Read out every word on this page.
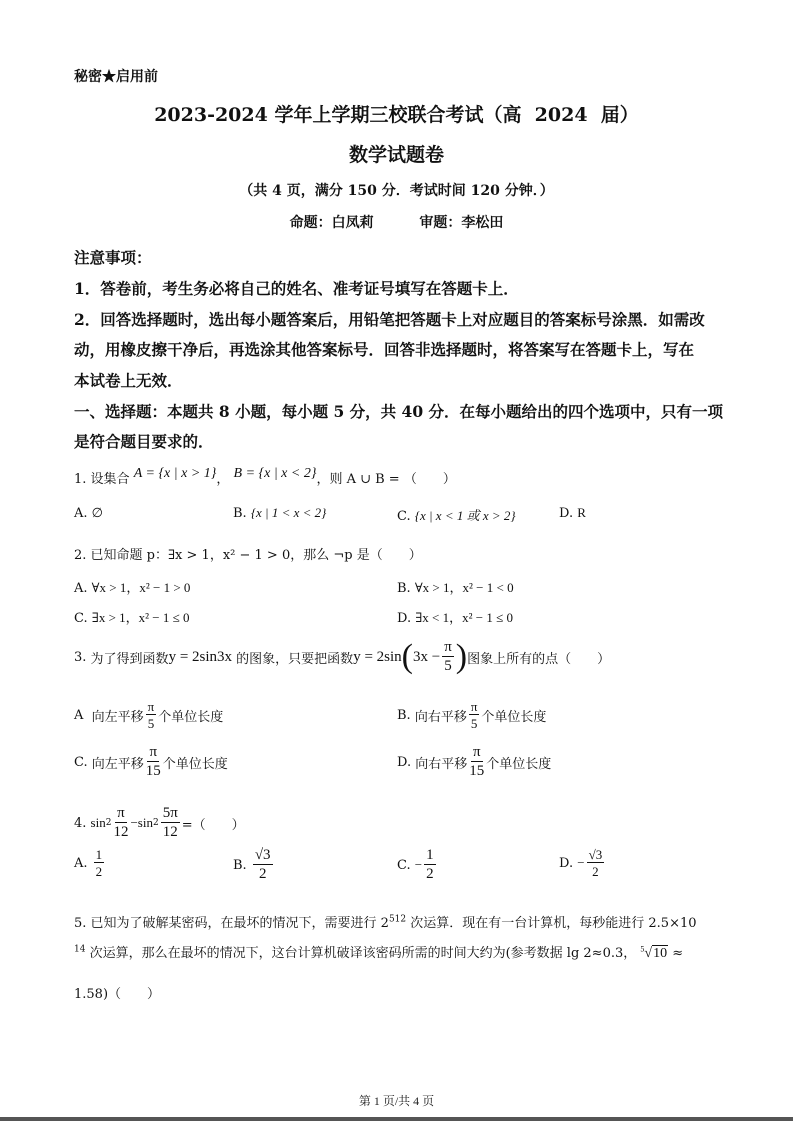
秘密★启用前
2023-2024 学年上学期三校联合考试（高  2024  届）
数学试题卷
（共 4 页，满分 150 分．考试时间 120 分钟．）
命题：白凤莉	审题：李松田
注意事项：
1．答卷前，考生务必将自己的姓名、准考证号填写在答题卡上．
2．回答选择题时，选出每小题答案后，用铅笔把答题卡上对应题目的答案标号涂黑．如需改
动，用橡皮擦干净后，再选涂其他答案标号．回答非选择题时，将答案写在答题卡上，写在
本试卷上无效．
一、选择题：本题共 8 小题，每小题 5 分，共 40 分．在每小题给出的四个选项中，只有一项
是符合题目要求的．
1. 设集合 A = {x | x > 1}， B = {x | x < 2}，则 A ∪ B = （　　）
A. ∅	B. {x | 1 < x < 2}	C. {x | x < 1 或 x > 2}	D. R
2. 已知命题 p：∃x > 1，x² − 1 > 0，那么 ¬p 是（　　）
A. ∀x > 1，x² − 1 > 0	B. ∀x > 1，x² − 1 < 0
C. ∃x > 1，x² − 1 ≤ 0	D. ∃x < 1，x² − 1 ≤ 0
3.
为了得到函数 y = 2sin3x
的图象，只要把函数 y = 2sin ( $3x - \frac{\pi}{5}$ ) 图象上所有的点（　　）
A
向左平移 $\frac{\pi}{5}$ 个单位长度	B.
向右平移 $\frac{\pi}{5}$ 个单位长度
C.
向左平移 $\frac{\pi}{15}$ 个单位长度	D.
向右平移 $\frac{\pi}{15}$ 个单位长度
4.
$\sin 2 \frac{\pi}{12} - \sin 2 \frac{5\pi}{12}$ =（　　）
A.
$\frac{1}{2}$	B.
$\frac{√3}{2}$	C.
− $\frac{1}{2}$	D.
− $\frac{√3}{2}$
5. 已知为了破解某密码，在最坏的情况下，需要进行 $2^{512}$ 次运算．现在有一台计算机，每秒能进行 2.5×10
$^{14}$ 次运算，那么在最坏的情况下，这台计算机破译该密码所需的时间大约为(参考数据 lg 2≈0.3， $^5$√10 ≈
1.58)（　　）
第 1 页/共 4 页
